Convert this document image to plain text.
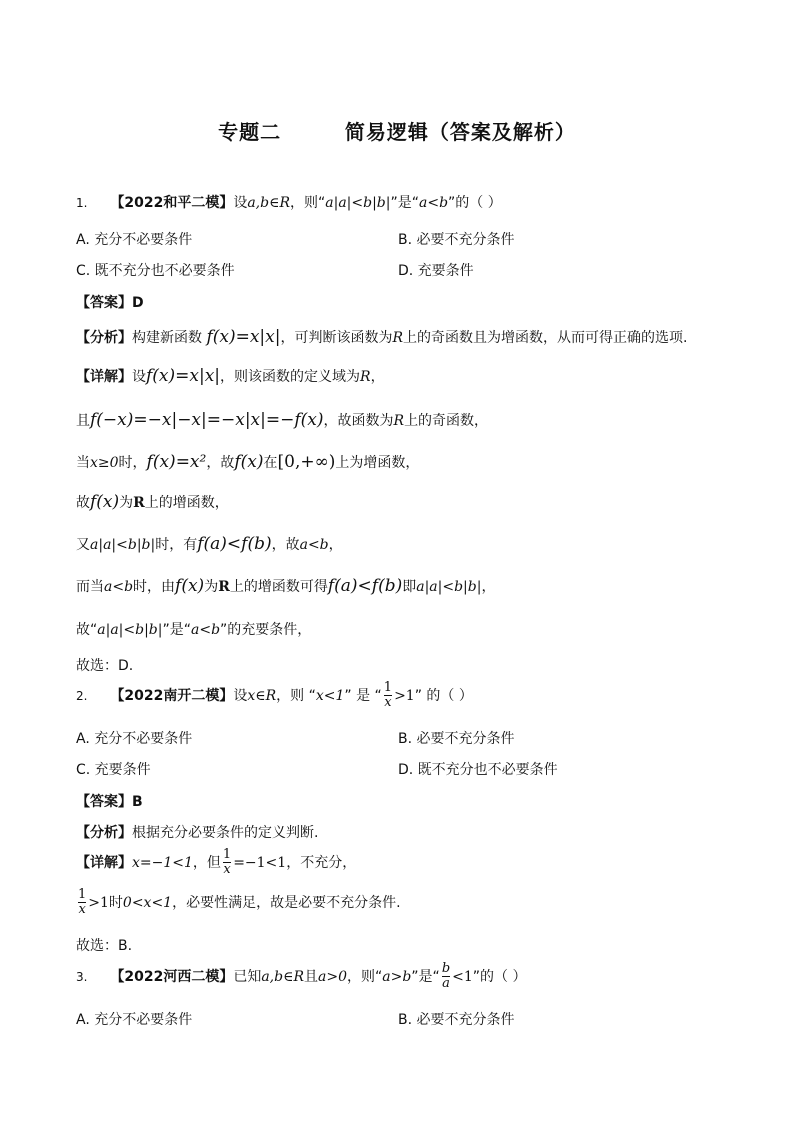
专题二        简易逻辑（答案及解析）
1. 【2022和平二模】设a,b∈R，则“a|a|<b|b|”是“a<b”的（ ）
A. 充分不必要条件	B. 必要不充分条件
C. 既不充分也不必要条件	D. 充要条件
【答案】D
【分析】构建新函数 f(x)=x|x|，可判断该函数为R上的奇函数且为增函数，从而可得正确的选项.
【详解】设f(x)=x|x|，则该函数的定义域为R，
且f(−x)=−x|−x|=−x|x|=−f(x)，故函数为R上的奇函数，
当x≥0时，f(x)=x²，故f(x)在[0,+∞)上为增函数，
故f(x)为R上的增函数，
又a|a|<b|b|时，有f(a)<f(b)，故a<b，
而当a<b时，由f(x)为R上的增函数可得f(a)<f(b)即a|a|<b|b|，
故“a|a|<b|b|”是“a<b”的充要条件，
故选：D.
2. 【2022南开二模】设x∈R，则 “x<1” 是 “ $\frac{1}{x} >1$” 的（ ）
A. 充分不必要条件	B. 必要不充分条件
C. 充要条件	D. 既不充分也不必要条件
【答案】B
【分析】根据充分必要条件的定义判断.
【详解】x=−1<1，但 $\frac{1}{x} =-1<1$，不充分，
$\frac{1}{x} >1$时0<x<1，必要性满足，故是必要不充分条件.
故选：B.
3. 【2022河西二模】已知a,b∈R且a>0，则“a>b”是“ $\frac{b}{a} <1$”的（ ）
A. 充分不必要条件	B. 必要不充分条件
